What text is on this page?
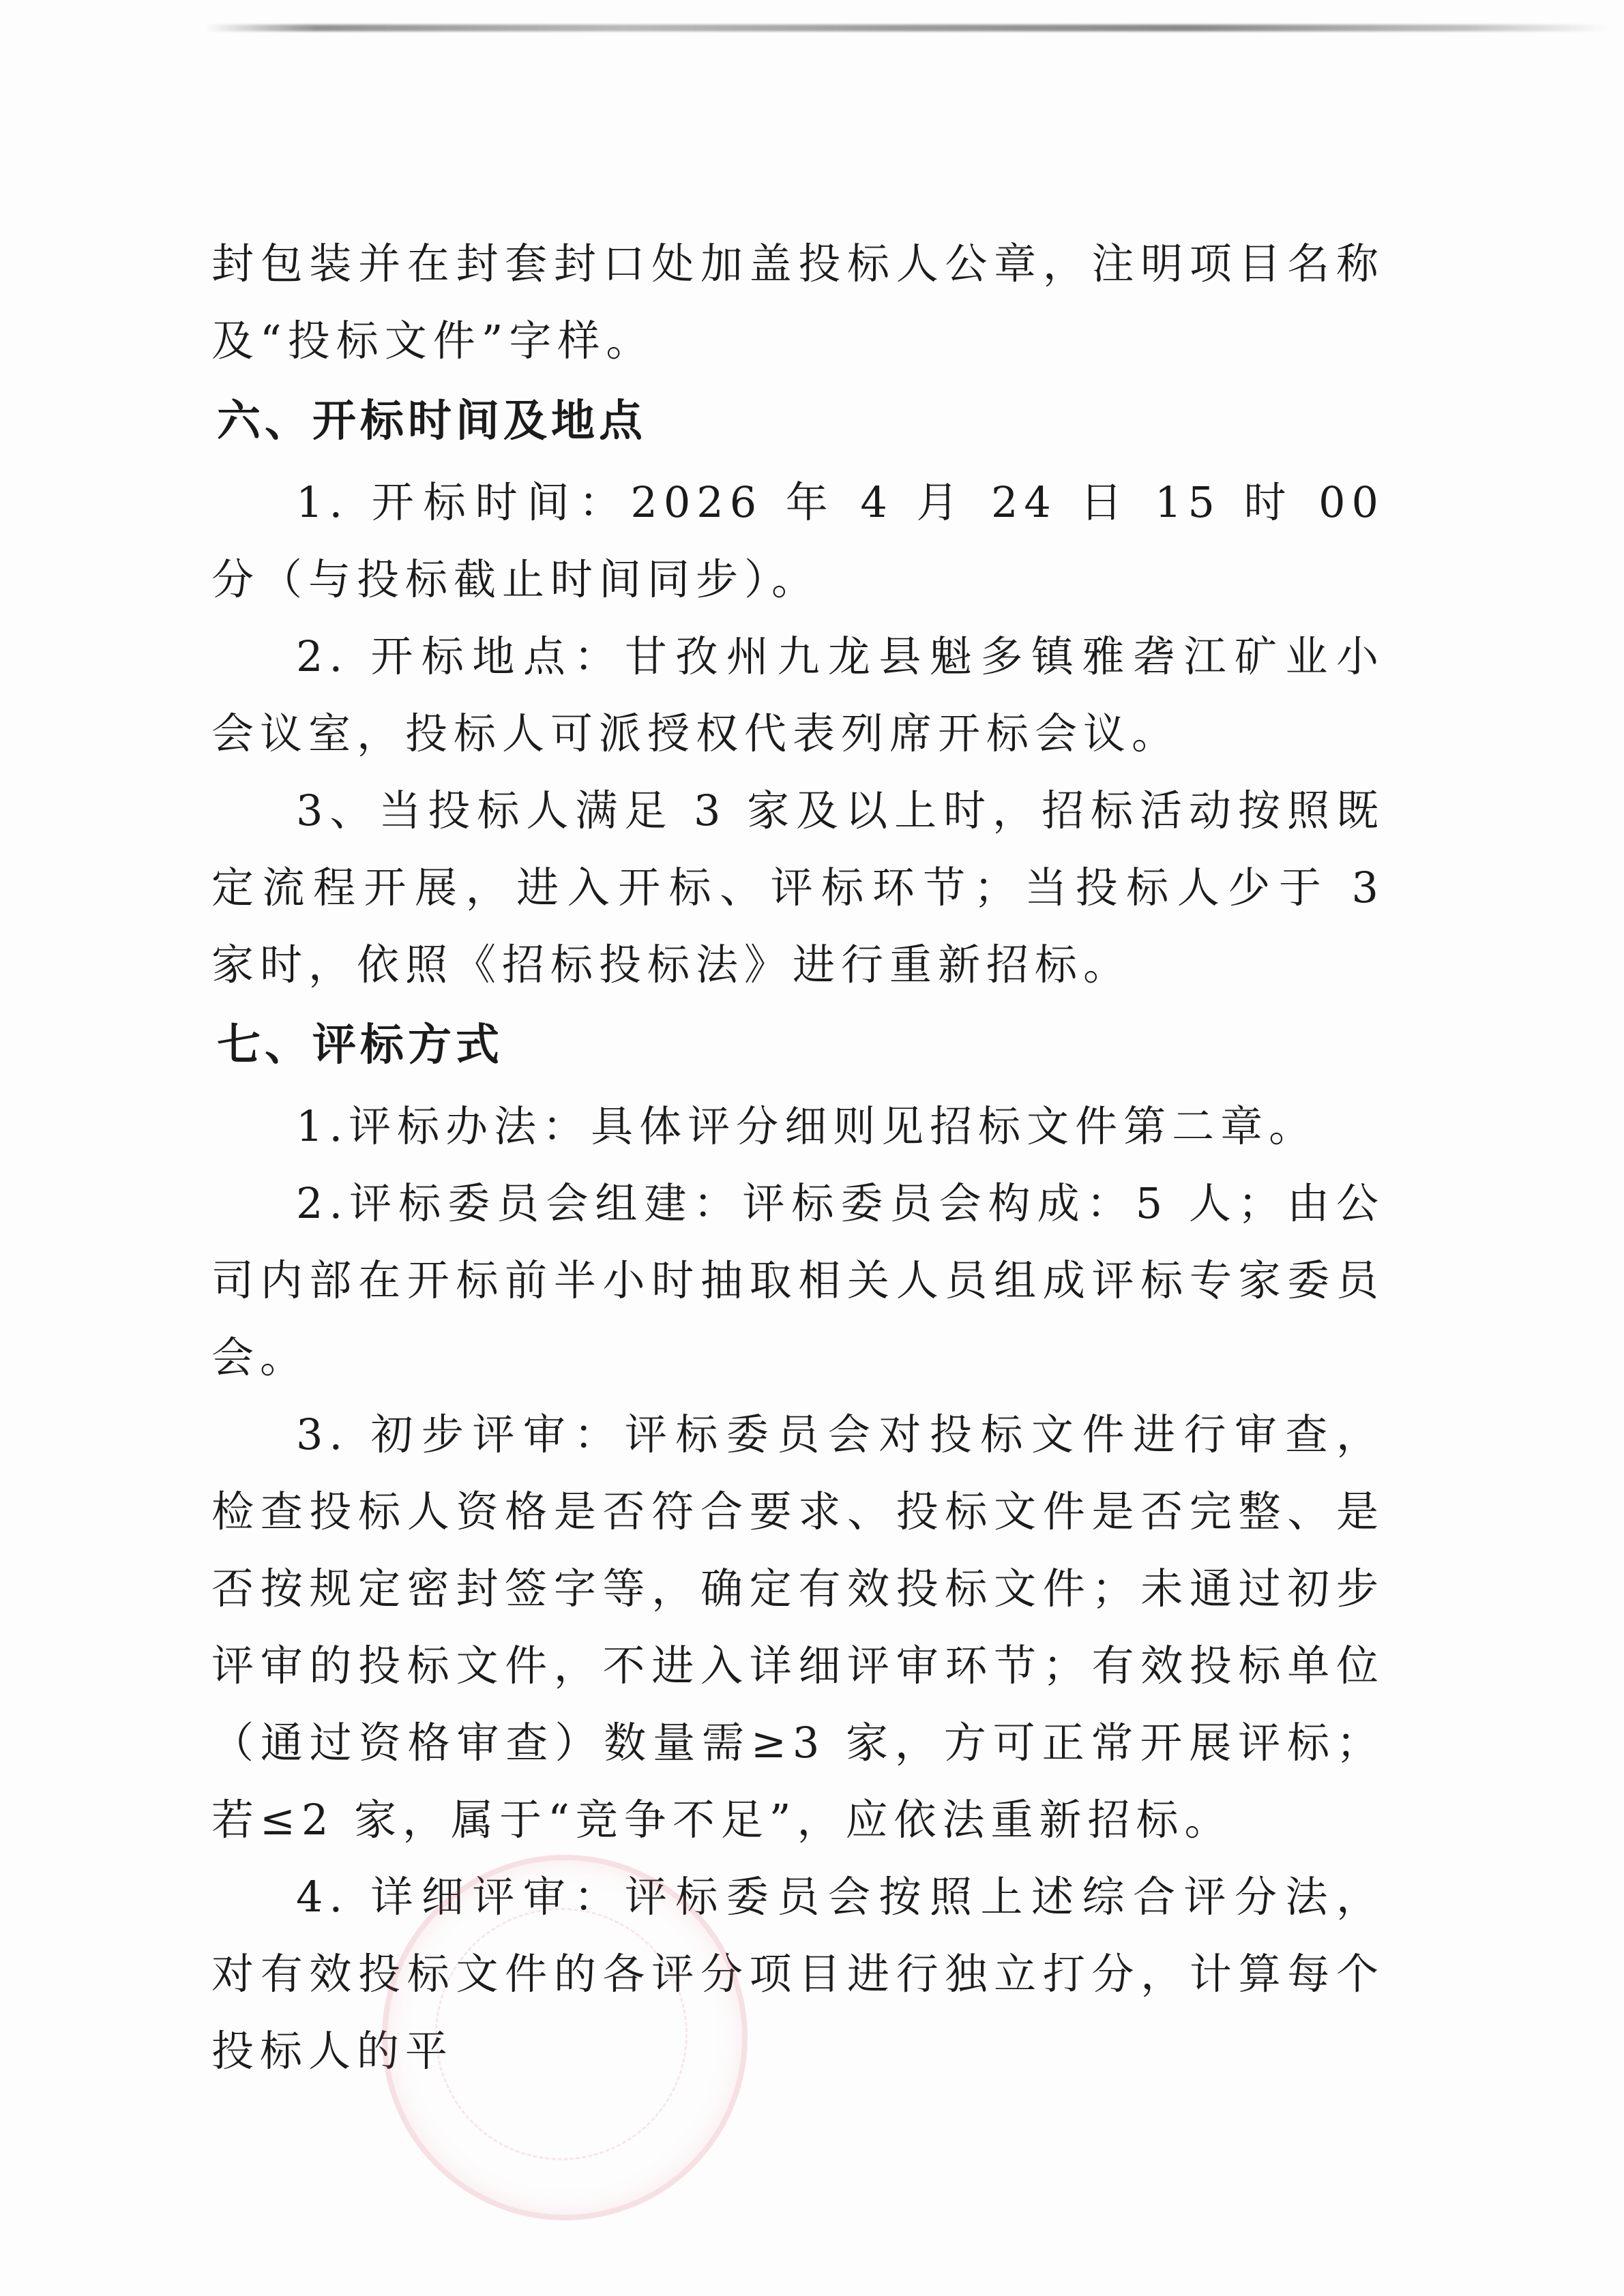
封包装并在封套封口处加盖投标人公章，注明项目名称及“投标文件”字样。

六、开标时间及地点

1. 开标时间：2026 年 4 月 24 日 15 时 00 分（与投标截止时间同步）。

2. 开标地点：甘孜州九龙县魁多镇雅砻江矿业小会议室，投标人可派授权代表列席开标会议。

3、当投标人满足 3 家及以上时，招标活动按照既定流程开展，进入开标、评标环节；当投标人少于 3 家时，依照《招标投标法》进行重新招标。

七、评标方式

1.评标办法：具体评分细则见招标文件第二章。

2.评标委员会组建：评标委员会构成：5 人；由公司内部在开标前半小时抽取相关人员组成评标专家委员会。

3. 初步评审：评标委员会对投标文件进行审查，检查投标人资格是否符合要求、投标文件是否完整、是否按规定密封签字等，确定有效投标文件；未通过初步评审的投标文件，不进入详细评审环节；有效投标单位（通过资格审查）数量需≥3 家，方可正常开展评标；若≤2 家，属于“竞争不足”，应依法重新招标。

4. 详细评审：评标委员会按照上述综合评分法，对有效投标文件的各评分项目进行独立打分，计算每个投标人的平
